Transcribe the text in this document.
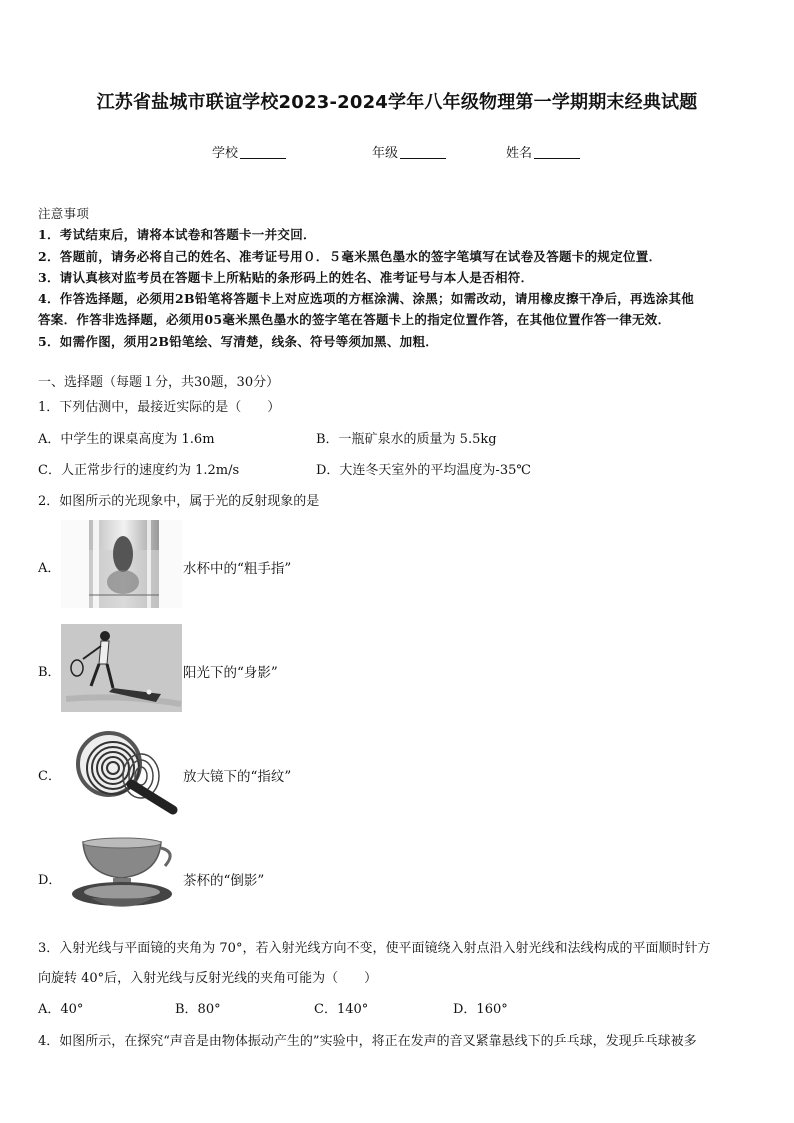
江苏省盐城市联谊学校2023-2024学年八年级物理第一学期期末经典试题
学校	年级	姓名
注意事项
1．考试结束后，请将本试卷和答题卡一并交回．
2．答题前，请务必将自己的姓名、准考证号用０．５毫米黑色墨水的签字笔填写在试卷及答题卡的规定位置．
3．请认真核对监考员在答题卡上所粘贴的条形码上的姓名、准考证号与本人是否相符．
4．作答选择题，必须用2B铅笔将答题卡上对应选项的方框涂满、涂黑；如需改动，请用橡皮擦干净后，再选涂其他
答案．作答非选择题，必须用05毫米黑色墨水的签字笔在答题卡上的指定位置作答，在其他位置作答一律无效．
5．如需作图，须用2B铅笔绘、写清楚，线条、符号等须加黑、加粗．
一、选择题（每题１分，共30题，30分）
1．下列估测中，最接近实际的是（　　）
A．中学生的课桌高度为 1.6m	B．一瓶矿泉水的质量为 5.5kg
C．人正常步行的速度约为 1.2m/s	D．大连冬天室外的平均温度为-35℃
2．如图所示的光现象中，属于光的反射现象的是
A．	水杯中的“粗手指”
B．	阳光下的“身影”
C．	放大镜下的“指纹”
D．	茶杯的“倒影”
3．入射光线与平面镜的夹角为 70°，若入射光线方向不变，使平面镜绕入射点沿入射光线和法线构成的平面顺时针方
向旋转 40°后，入射光线与反射光线的夹角可能为（　　）
A．40°	B．80°	C．140°	D．160°
4．如图所示，在探究“声音是由物体振动产生的”实验中，将正在发声的音叉紧靠悬线下的乒乓球，发现乒乓球被多
